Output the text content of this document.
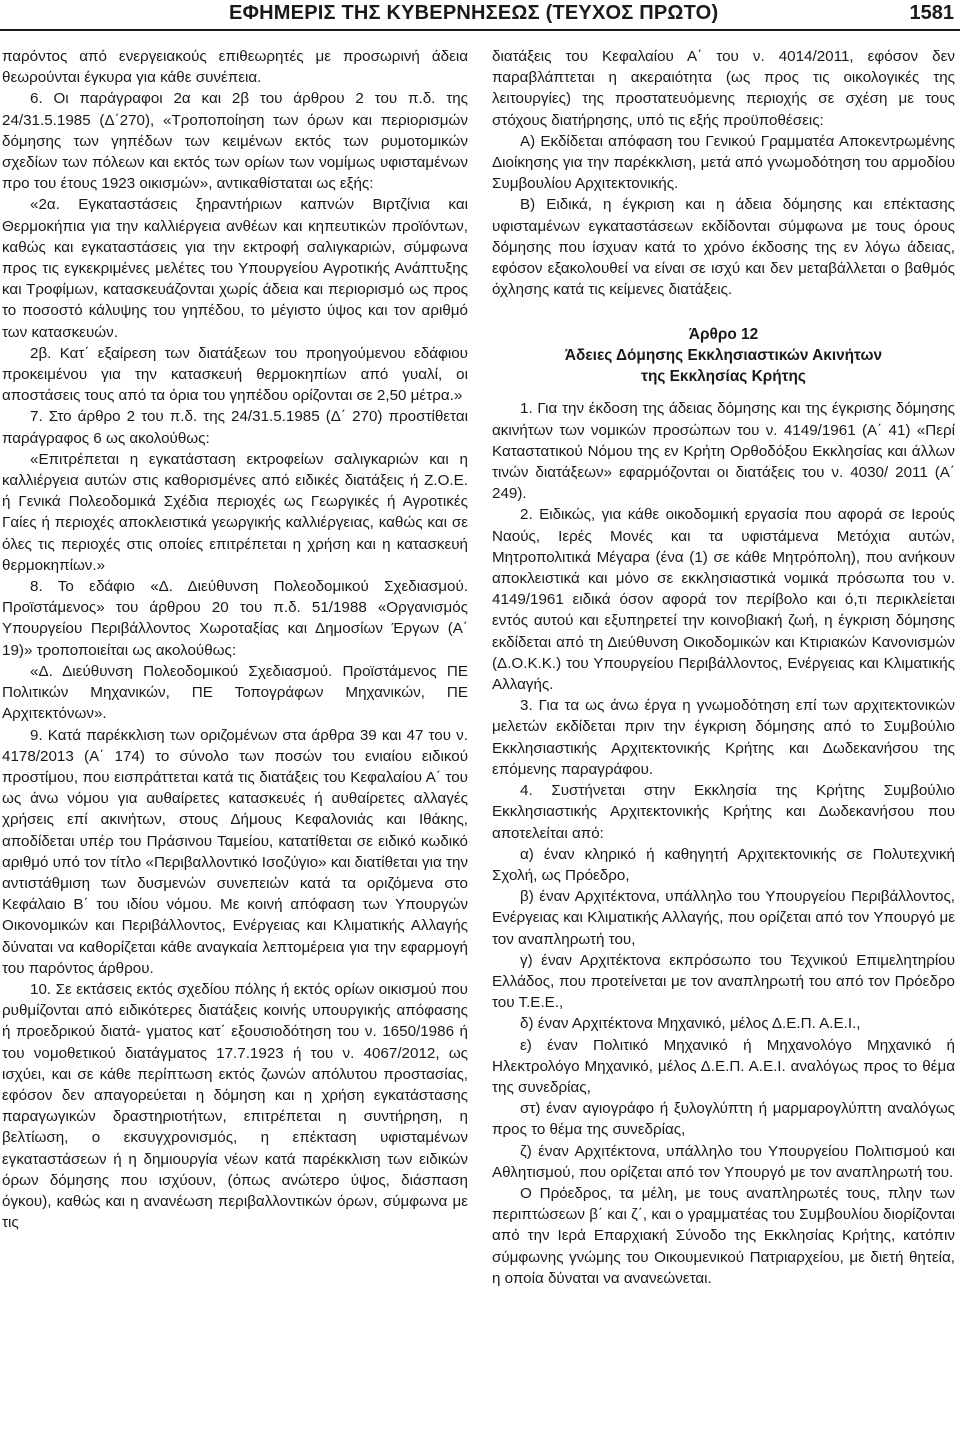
ΕΦΗΜΕΡΙΣ ΤΗΣ ΚΥΒΕΡΝΗΣΕΩΣ (ΤΕΥΧΟΣ ΠΡΩΤΟ)	1581

παρόντος από ενεργειακούς επιθεωρητές με προσωρινή άδεια θεωρούνται έγκυρα για κάθε συνέπεια.

6. Οι παράγραφοι 2α και 2β του άρθρου 2 του π.δ. της 24/31.5.1985 (Δ΄270), «Τροποποίηση των όρων και περιορισμών δόμησης των γηπέδων των κειμένων εκτός των ρυμοτομικών σχεδίων των πόλεων και εκτός των ορίων των νομίμως υφισταμένων προ του έτους 1923 οικισμών», αντικαθίσταται ως εξής:

«2α. Εγκαταστάσεις ξηραντήριων καπνών Βιρτζίνια και Θερμοκήπια για την καλλιέργεια ανθέων και κηπευτικών προϊόντων, καθώς και εγκαταστάσεις για την εκτροφή σαλιγκαριών, σύμφωνα προς τις εγκεκριμένες μελέτες του Υπουργείου Αγροτικής Ανάπτυξης και Τροφίμων, κατασκευάζονται χωρίς άδεια και περιορισμό ως προς το ποσοστό κάλυψης του γηπέδου, το μέγιστο ύψος και τον αριθμό των κατασκευών.

2β. Κατ΄ εξαίρεση των διατάξεων του προηγούμενου εδάφιου προκειμένου για την κατασκευή θερμοκηπίων από γυαλί, οι αποστάσεις τους από τα όρια του γηπέδου ορίζονται σε 2,50 μέτρα.»

7. Στο άρθρο 2 του π.δ. της 24/31.5.1985 (Δ΄ 270) προστίθεται παράγραφος 6 ως ακολούθως:

«Επιτρέπεται η εγκατάσταση εκτροφείων σαλιγκαριών και η καλλιέργεια αυτών στις καθορισμένες από ειδικές διατάξεις ή Ζ.Ο.Ε. ή Γενικά Πολεοδομικά Σχέδια περιοχές ως Γεωργικές ή Αγροτικές Γαίες ή περιοχές αποκλειστικά γεωργικής καλλιέργειας, καθώς και σε όλες τις περιοχές στις οποίες επιτρέπεται η χρήση και η κατασκευή θερμοκηπίων.»

8. Το εδάφιο «Δ. Διεύθυνση Πολεοδομικού Σχεδιασμού. Προϊστάμενος» του άρθρου 20 του π.δ. 51/1988 «Οργανισμός Υπουργείου Περιβάλλοντος Χωροταξίας και Δημοσίων Έργων (Α΄ 19)» τροποποιείται ως ακολούθως:

«Δ. Διεύθυνση Πολεοδομικού Σχεδιασμού. Προϊστάμενος ΠΕ Πολιτικών Μηχανικών, ΠΕ Τοπογράφων Μηχανικών, ΠΕ Αρχιτεκτόνων».

9. Κατά παρέκκλιση των οριζομένων στα άρθρα 39 και 47 του ν. 4178/2013 (Α΄ 174) το σύνολο των ποσών του ενιαίου ειδικού προστίμου, που εισπράττεται κατά τις διατάξεις του Κεφαλαίου Α΄ του ως άνω νόμου για αυθαίρετες κατασκευές ή αυθαίρετες αλλαγές χρήσεις επί ακινήτων, στους Δήμους Κεφαλονιάς και Ιθάκης, αποδίδεται υπέρ του Πράσινου Ταμείου, κατατίθεται σε ειδικό κωδικό αριθμό υπό τον τίτλο «Περιβαλλοντικό Ισοζύγιο» και διατίθεται για την αντιστάθμιση των δυσμενών συνεπειών κατά τα οριζόμενα στο Κεφάλαιο Β΄ του ιδίου νόμου. Με κοινή απόφαση των Υπουργών Οικονομικών και Περιβάλλοντος, Ενέργειας και Κλιματικής Αλλαγής δύναται να καθορίζεται κάθε αναγκαία λεπτομέρεια για την εφαρμογή του παρόντος άρθρου.

10. Σε εκτάσεις εκτός σχεδίου πόλης ή εκτός ορίων οικισμού που ρυθμίζονται από ειδικότερες διατάξεις κοινής υπουργικής απόφασης ή προεδρικού διατά- γματος κατ΄ εξουσιοδότηση του ν. 1650/1986 ή του νομοθετικού διατάγματος 17.7.1923 ή του ν. 4067/2012, ως ισχύει, και σε κάθε περίπτωση εκτός ζωνών απόλυτου προστασίας, εφόσον δεν απαγορεύεται η δόμηση και η χρήση εγκατάστασης παραγωγικών δραστηριοτήτων, επιτρέπεται η συντήρηση, η βελτίωση, ο εκσυγχρονισμός, η επέκταση υφισταμένων εγκαταστάσεων ή η δημιουργία νέων κατά παρέκκλιση των ειδικών όρων δόμησης που ισχύουν, (όπως ανώτερο ύψος, διάσπαση όγκου), καθώς και η ανανέωση περιβαλλοντικών όρων, σύμφωνα με τις

διατάξεις του Κεφαλαίου Α΄ του ν. 4014/2011, εφόσον δεν παραβλάπτεται η ακεραιότητα (ως προς τις οικολογικές της λειτουργίες) της προστατευόμενης περιοχής σε σχέση με τους στόχους διατήρησης, υπό τις εξής προϋποθέσεις:

Α) Εκδίδεται απόφαση του Γενικού Γραμματέα Αποκεντρωμένης Διοίκησης για την παρέκκλιση, μετά από γνωμοδότηση του αρμοδίου Συμβουλίου Αρχιτεκτονικής.

Β) Ειδικά, η έγκριση και η άδεια δόμησης και επέκτασης υφισταμένων εγκαταστάσεων εκδίδονται σύμφωνα με τους όρους δόμησης που ίσχυαν κατά το χρόνο έκδοσης της εν λόγω άδειας, εφόσον εξακολουθεί να είναι σε ισχύ και δεν μεταβάλλεται ο βαθμός όχλησης κατά τις κείμενες διατάξεις.

Άρθρο 12
Άδειες Δόμησης Εκκλησιαστικών Ακινήτων
της Εκκλησίας Κρήτης

1. Για την έκδοση της άδειας δόμησης και της έγκρισης δόμησης ακινήτων των νομικών προσώπων του ν. 4149/1961 (Α΄ 41) «Περί Καταστατικού Νόμου της εν Κρήτη Ορθοδόξου Εκκλησίας και άλλων τινών διατάξεων» εφαρμόζονται οι διατάξεις του ν. 4030/ 2011 (Α΄ 249).

2. Ειδικώς, για κάθε οικοδομική εργασία που αφορά σε Ιερούς Ναούς, Ιερές Μονές και τα υφιστάμενα Μετόχια αυτών, Μητροπολιτικά Μέγαρα (ένα (1) σε κάθε Μητρόπολη), που ανήκουν αποκλειστικά και μόνο σε εκκλησιαστικά νομικά πρόσωπα του ν. 4149/1961 ειδικά όσον αφορά τον περίβολο και ό,τι περικλείεται εντός αυτού και εξυπηρετεί την κοινοβιακή ζωή, η έγκριση δόμησης εκδίδεται από τη Διεύθυνση Οικοδομικών και Κτιριακών Κανονισμών (Δ.Ο.Κ.Κ.) του Υπουργείου Περιβάλλοντος, Ενέργειας και Κλιματικής Αλλαγής.

3. Για τα ως άνω έργα η γνωμοδότηση επί των αρχιτεκτονικών μελετών εκδίδεται πριν την έγκριση δόμησης από το Συμβούλιο Εκκλησιαστικής Αρχιτεκτονικής Κρήτης και Δωδεκανήσου της επόμενης παραγράφου.

4. Συστήνεται στην Εκκλησία της Κρήτης Συμβούλιο Εκκλησιαστικής Αρχιτεκτονικής Κρήτης και Δωδεκανήσου που αποτελείται από:

α) έναν κληρικό ή καθηγητή Αρχιτεκτονικής σε Πολυτεχνική Σχολή, ως Πρόεδρο,

β) έναν Αρχιτέκτονα, υπάλληλο του Υπουργείου Περιβάλλοντος, Ενέργειας και Κλιματικής Αλλαγής, που ορίζεται από τον Υπουργό με τον αναπληρωτή του,

γ) έναν Αρχιτέκτονα εκπρόσωπο του Τεχνικού Επιμελητηρίου Ελλάδος, που προτείνεται με τον αναπληρωτή του από τον Πρόεδρο του Τ.Ε.Ε.,

δ) έναν Αρχιτέκτονα Μηχανικό, μέλος Δ.Ε.Π. Α.Ε.Ι.,

ε) έναν Πολιτικό Μηχανικό ή Μηχανολόγο Μηχανικό ή Ηλεκτρολόγο Μηχανικό, μέλος Δ.Ε.Π. Α.Ε.Ι. αναλόγως προς το θέμα της συνεδρίας,

στ) έναν αγιογράφο ή ξυλογλύπτη ή μαρμαρογλύπτη αναλόγως προς το θέμα της συνεδρίας,

ζ) έναν Αρχιτέκτονα, υπάλληλο του Υπουργείου Πολιτισμού και Αθλητισμού, που ορίζεται από τον Υπουργό με τον αναπληρωτή του.

Ο Πρόεδρος, τα μέλη, με τους αναπληρωτές τους, πλην των περιπτώσεων β΄ και ζ΄, και ο γραμματέας του Συμβουλίου διορίζονται από την Ιερά Επαρχιακή Σύνοδο της Εκκλησίας Κρήτης, κατόπιν σύμφωνης γνώμης του Οικουμενικού Πατριαρχείου, με διετή θητεία, η οποία δύναται να ανανεώνεται.
